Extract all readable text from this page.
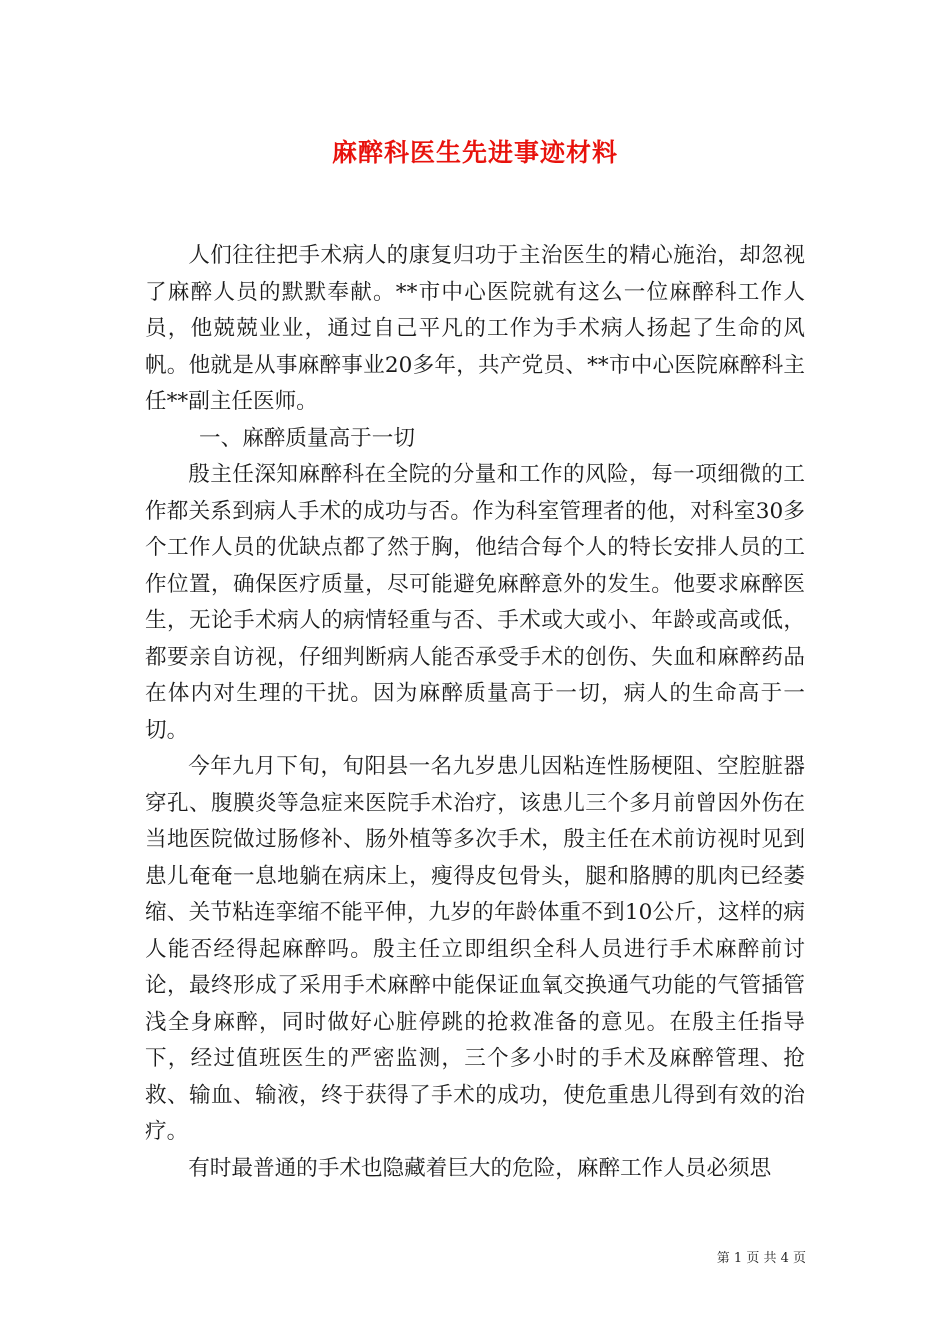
麻醉科医生先进事迹材料

人们往往把手术病人的康复归功于主治医生的精心施治，却忽视了麻醉人员的默默奉献。**市中心医院就有这么一位麻醉科工作人员，他兢兢业业，通过自己平凡的工作为手术病人扬起了生命的风帆。他就是从事麻醉事业20多年，共产党员、**市中心医院麻醉科主任**副主任医师。

一、麻醉质量高于一切

殷主任深知麻醉科在全院的分量和工作的风险，每一项细微的工作都关系到病人手术的成功与否。作为科室管理者的他，对科室30多个工作人员的优缺点都了然于胸，他结合每个人的特长安排人员的工作位置，确保医疗质量，尽可能避免麻醉意外的发生。他要求麻醉医生，无论手术病人的病情轻重与否、手术或大或小、年龄或高或低，都要亲自访视，仔细判断病人能否承受手术的创伤、失血和麻醉药品在体内对生理的干扰。因为麻醉质量高于一切，病人的生命高于一切。

今年九月下旬，旬阳县一名九岁患儿因粘连性肠梗阻、空腔脏器穿孔、腹膜炎等急症来医院手术治疗，该患儿三个多月前曾因外伤在当地医院做过肠修补、肠外植等多次手术，殷主任在术前访视时见到患儿奄奄一息地躺在病床上，瘦得皮包骨头，腿和胳膊的肌肉已经萎缩、关节粘连挛缩不能平伸，九岁的年龄体重不到10公斤，这样的病人能否经得起麻醉吗。殷主任立即组织全科人员进行手术麻醉前讨论，最终形成了采用手术麻醉中能保证血氧交换通气功能的气管插管浅全身麻醉，同时做好心脏停跳的抢救准备的意见。在殷主任指导下，经过值班医生的严密监测，三个多小时的手术及麻醉管理、抢救、输血、输液，终于获得了手术的成功，使危重患儿得到有效的治疗。

有时最普通的手术也隐藏着巨大的危险，麻醉工作人员必须思

第 1 页 共 4 页
